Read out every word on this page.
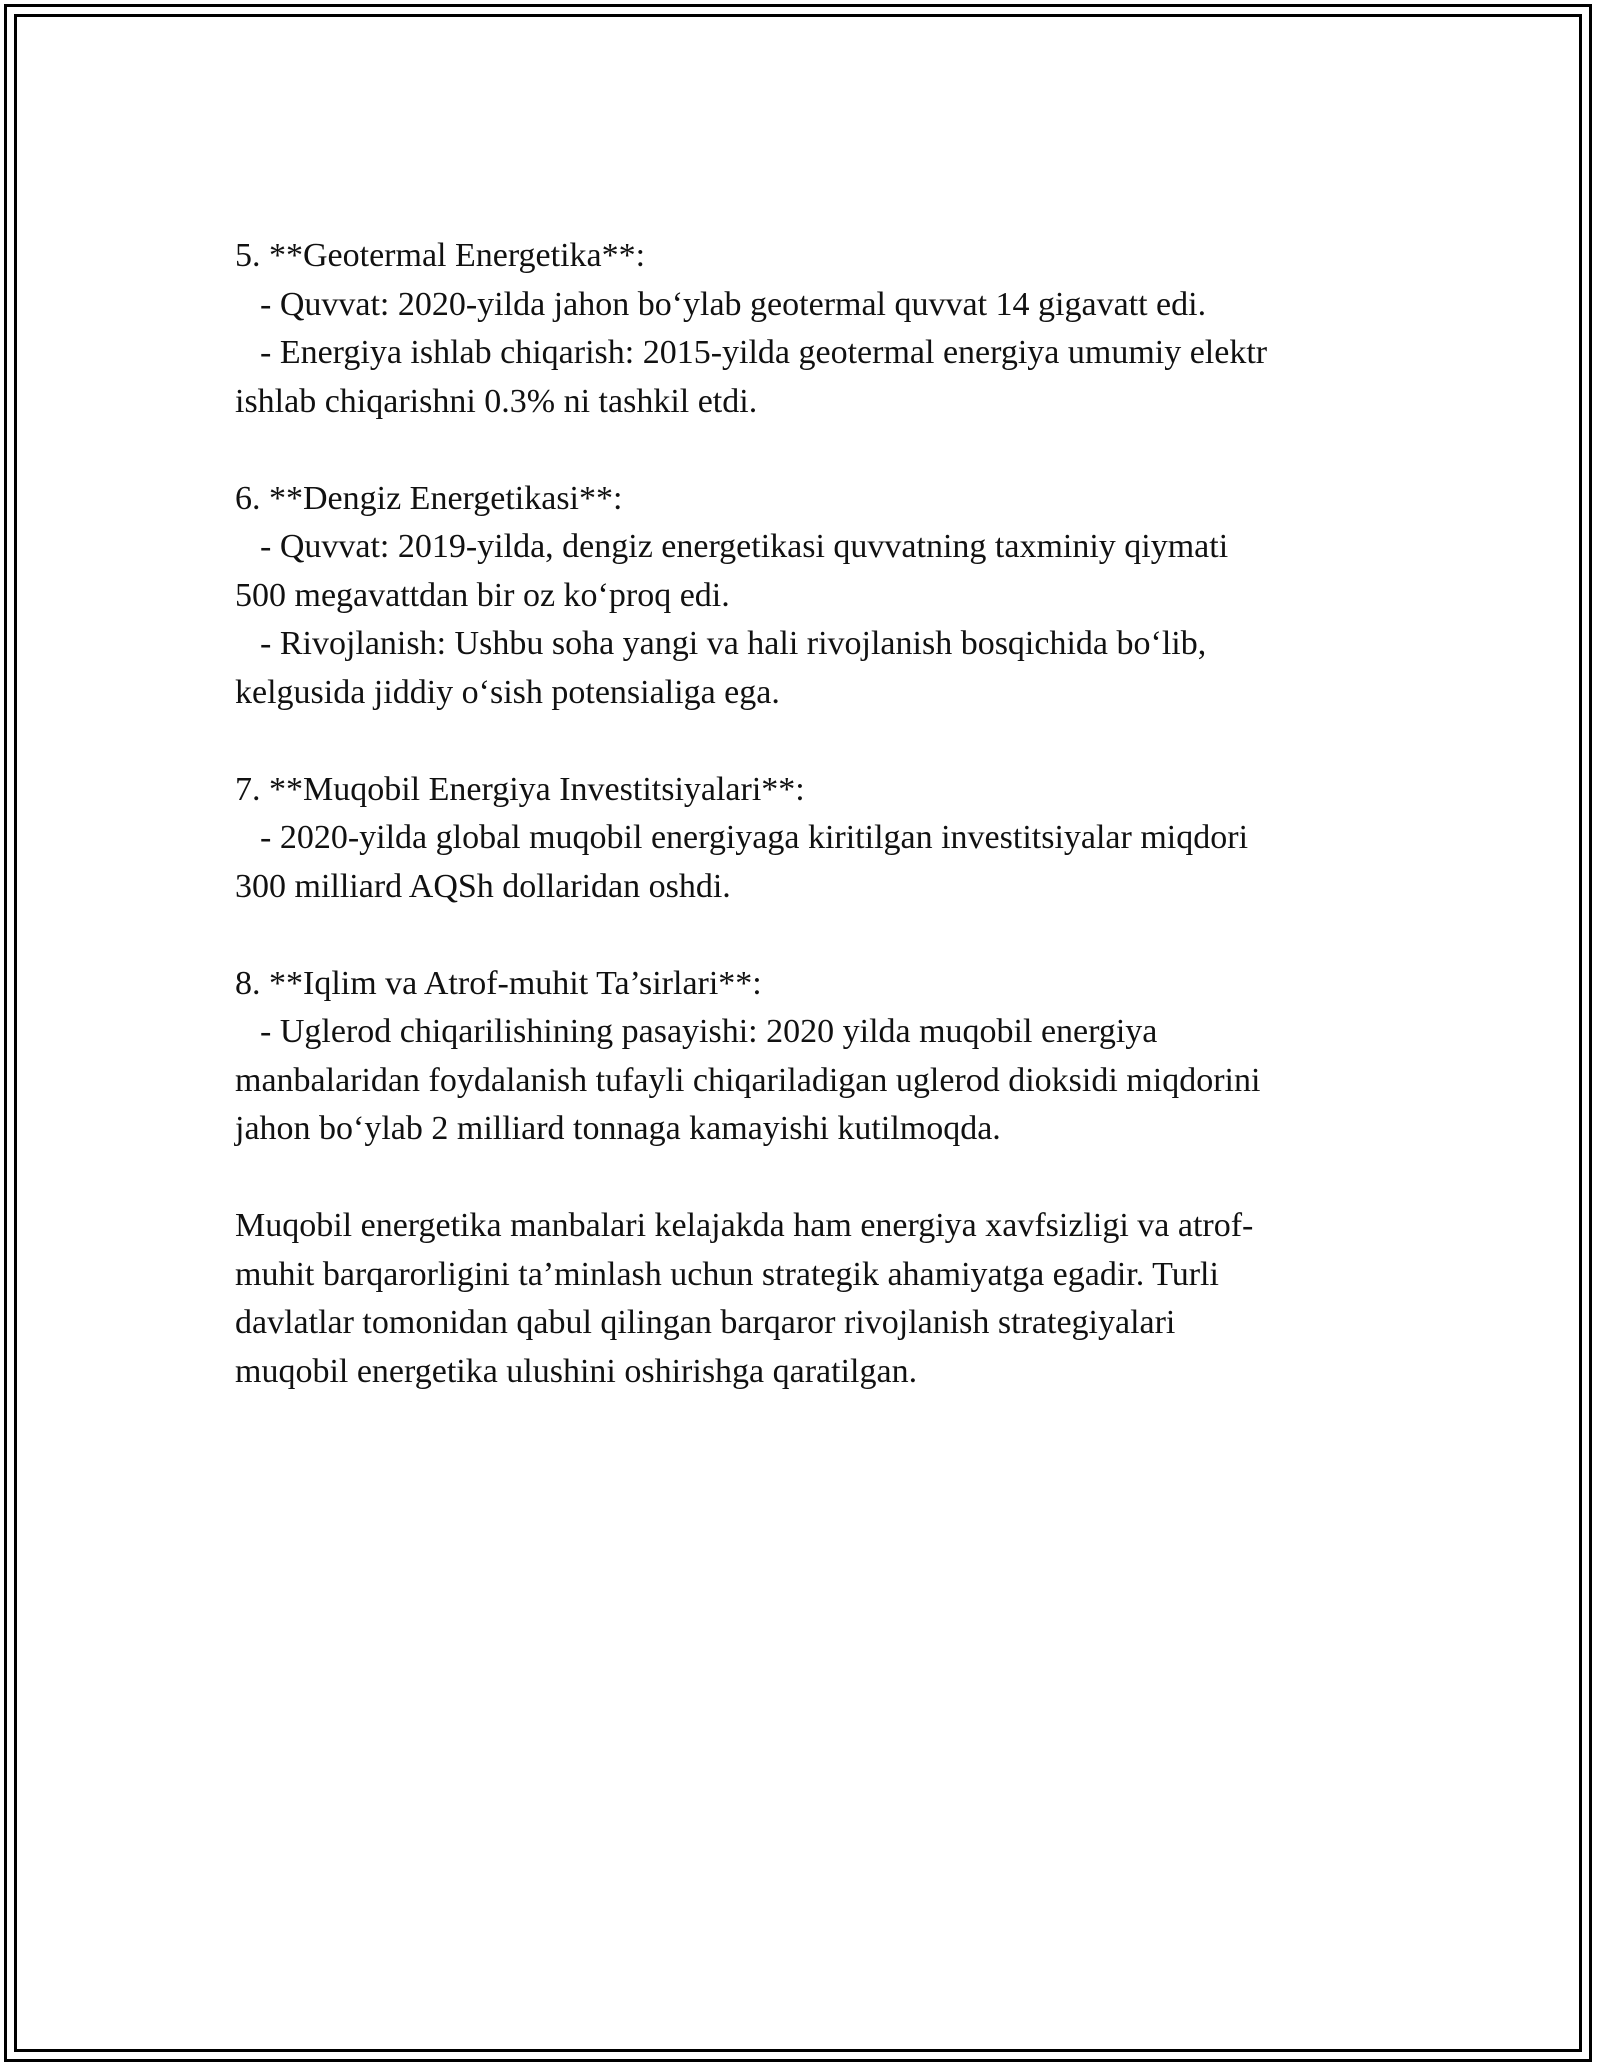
5. **Geotermal Energetika**:

- Quvvat: 2020-yilda jahon bo‘ylab geotermal quvvat 14 gigavatt edi.

- Energiya ishlab chiqarish: 2015-yilda geotermal energiya umumiy elektr

ishlab chiqarishni 0.3% ni tashkil etdi.

6. **Dengiz Energetikasi**:

- Quvvat: 2019-yilda, dengiz energetikasi quvvatning taxminiy qiymati

500 megavattdan bir oz ko‘proq edi.

- Rivojlanish: Ushbu soha yangi va hali rivojlanish bosqichida bo‘lib,

kelgusida jiddiy o‘sish potensialiga ega.

7. **Muqobil Energiya Investitsiyalari**:

- 2020-yilda global muqobil energiyaga kiritilgan investitsiyalar miqdori

300 milliard AQSh dollaridan oshdi.

8. **Iqlim va Atrof-muhit Ta’sirlari**:

- Uglerod chiqarilishining pasayishi: 2020 yilda muqobil energiya

manbalaridan foydalanish tufayli chiqariladigan uglerod dioksidi miqdorini

jahon bo‘ylab 2 milliard tonnaga kamayishi kutilmoqda.

Muqobil energetika manbalari kelajakda ham energiya xavfsizligi va atrof-

muhit barqarorligini ta’minlash uchun strategik ahamiyatga egadir. Turli

davlatlar tomonidan qabul qilingan barqaror rivojlanish strategiyalari

muqobil energetika ulushini oshirishga qaratilgan.
